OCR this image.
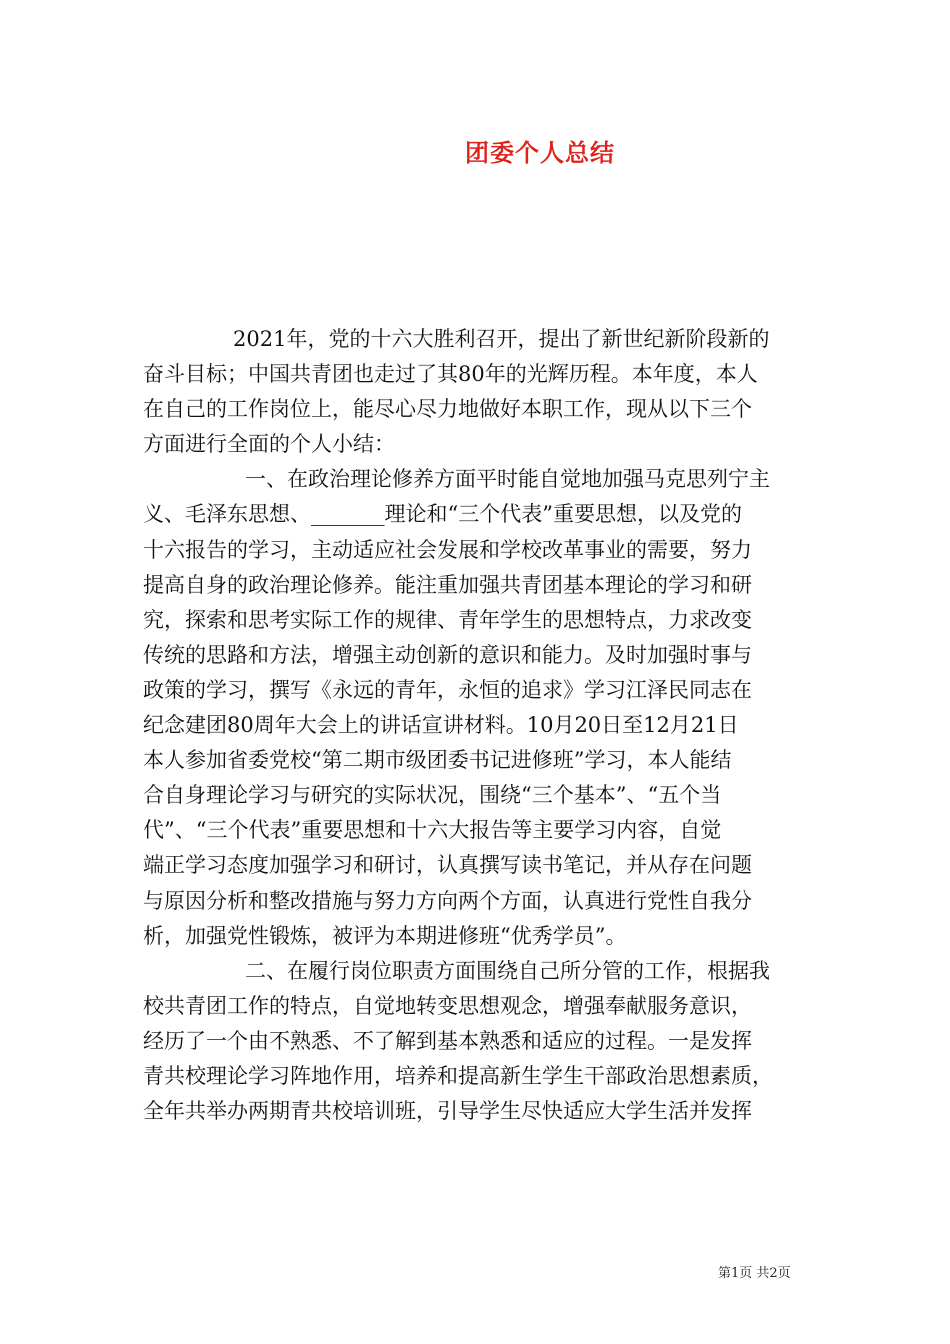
团委个人总结
2021年，党的十六大胜利召开，提出了新世纪新阶段新的
奋斗目标；中国共青团也走过了其80年的光辉历程。本年度，本人
在自己的工作岗位上，能尽心尽力地做好本职工作，现从以下三个
方面进行全面的个人小结：
一、在政治理论修养方面平时能自觉地加强马克思列宁主
义、毛泽东思想、_______理论和“三个代表”重要思想，以及党的
十六报告的学习，主动适应社会发展和学校改革事业的需要，努力
提高自身的政治理论修养。能注重加强共青团基本理论的学习和研
究，探索和思考实际工作的规律、青年学生的思想特点，力求改变
传统的思路和方法，增强主动创新的意识和能力。及时加强时事与
政策的学习，撰写《永远的青年，永恒的追求》学习江泽民同志在
纪念建团80周年大会上的讲话宣讲材料。10月20日至12月21日
本人参加省委党校“第二期市级团委书记进修班”学习，本人能结
合自身理论学习与研究的实际状况，围绕“三个基本”、“五个当
代”、“三个代表”重要思想和十六大报告等主要学习内容，自觉
端正学习态度加强学习和研讨，认真撰写读书笔记，并从存在问题
与原因分析和整改措施与努力方向两个方面，认真进行党性自我分
析，加强党性锻炼，被评为本期进修班“优秀学员”。
二、在履行岗位职责方面围绕自己所分管的工作，根据我
校共青团工作的特点，自觉地转变思想观念，增强奉献服务意识，
经历了一个由不熟悉、不了解到基本熟悉和适应的过程。一是发挥
青共校理论学习阵地作用，培养和提高新生学生干部政治思想素质，
全年共举办两期青共校培训班，引导学生尽快适应大学生活并发挥
第1页 共2页
